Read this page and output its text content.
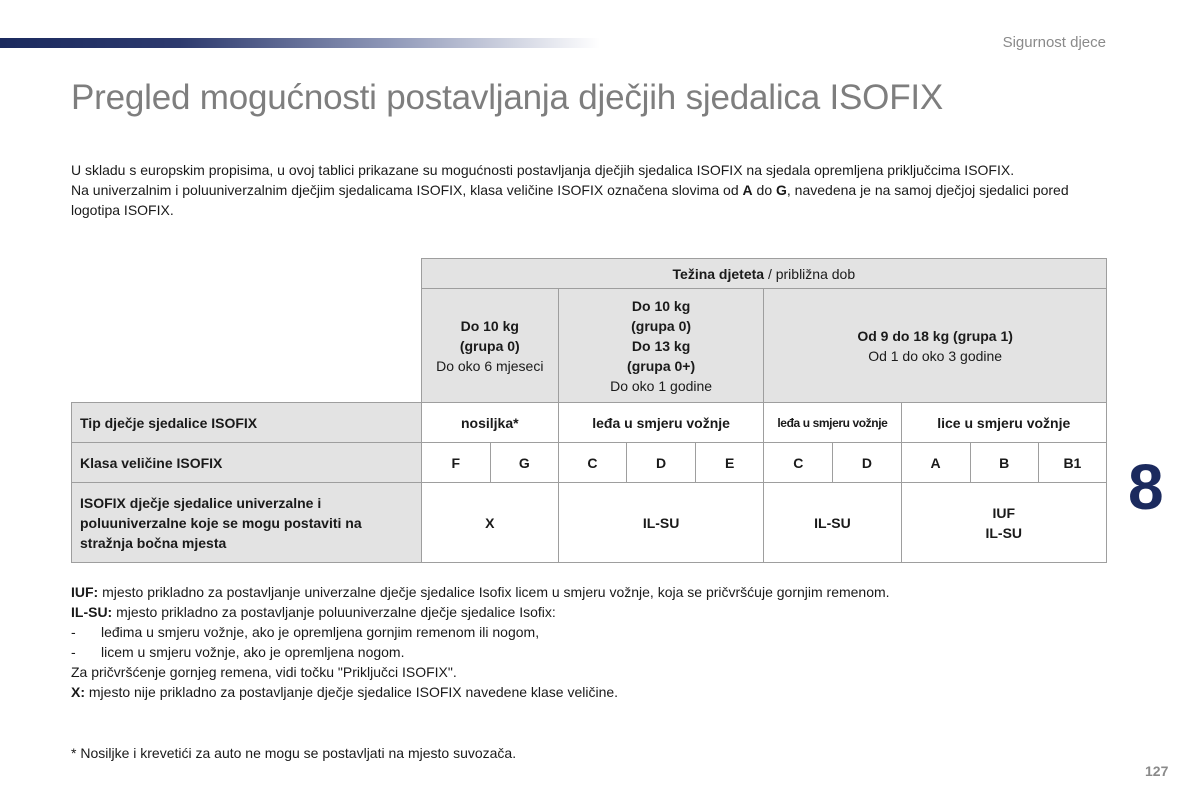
Sigurnost djece
Pregled mogućnosti postavljanja dječjih sjedalica ISOFIX

U skladu s europskim propisima, u ovoj tablici prikazane su mogućnosti postavljanja dječjih sjedalica ISOFIX na sjedala opremljena priključcima ISOFIX.

Na univerzalnim i poluuniverzalnim dječjim sjedalicama ISOFIX, klasa veličine ISOFIX označena slovima od A do G, navedena je na samoj dječjoj sjedalici pored logotipa ISOFIX.

	Težina djeteta / približna dob									
	Do 10 kg
(grupa 0)
Do oko 6 mjeseci		Do 10 kg
(grupa 0)
Do 13 kg
(grupa 0+)
Do oko 1 godine			Od 9 do 18 kg (grupa 1)
Od 1 do oko 3 godine				
Tip dječje sjedalice ISOFIX	nosiljka*		leđa u smjeru vožnje			leđa u smjeru vožnje		lice u smjeru vožnje		
Klasa veličine ISOFIX	F	G	C	D	E	C	D	A	B	B1
ISOFIX dječje sjedalice univerzalne i poluuniverzalne koje se mogu postaviti na stražnja bočna mjesta	X		IL-SU			IL-SU		IUF
IL-SU		
8

IUF: mjesto prikladno za postavljanje univerzalne dječje sjedalice Isofix licem u smjeru vožnje, koja se pričvršćuje gornjim remenom.

IL-SU: mjesto prikladno za postavljanje poluuniverzalne dječje sjedalice Isofix:

- leđima u smjeru vožnje, ako je opremljena gornjim remenom ili nogom,

- licem u smjeru vožnje, ako je opremljena nogom.

Za pričvršćenje gornjeg remena, vidi točku "Priključci ISOFIX".

X: mjesto nije prikladno za postavljanje dječje sjedalice ISOFIX navedene klase veličine.

* Nosiljke i krevetići za auto ne mogu se postavljati na mjesto suvozača.

127
